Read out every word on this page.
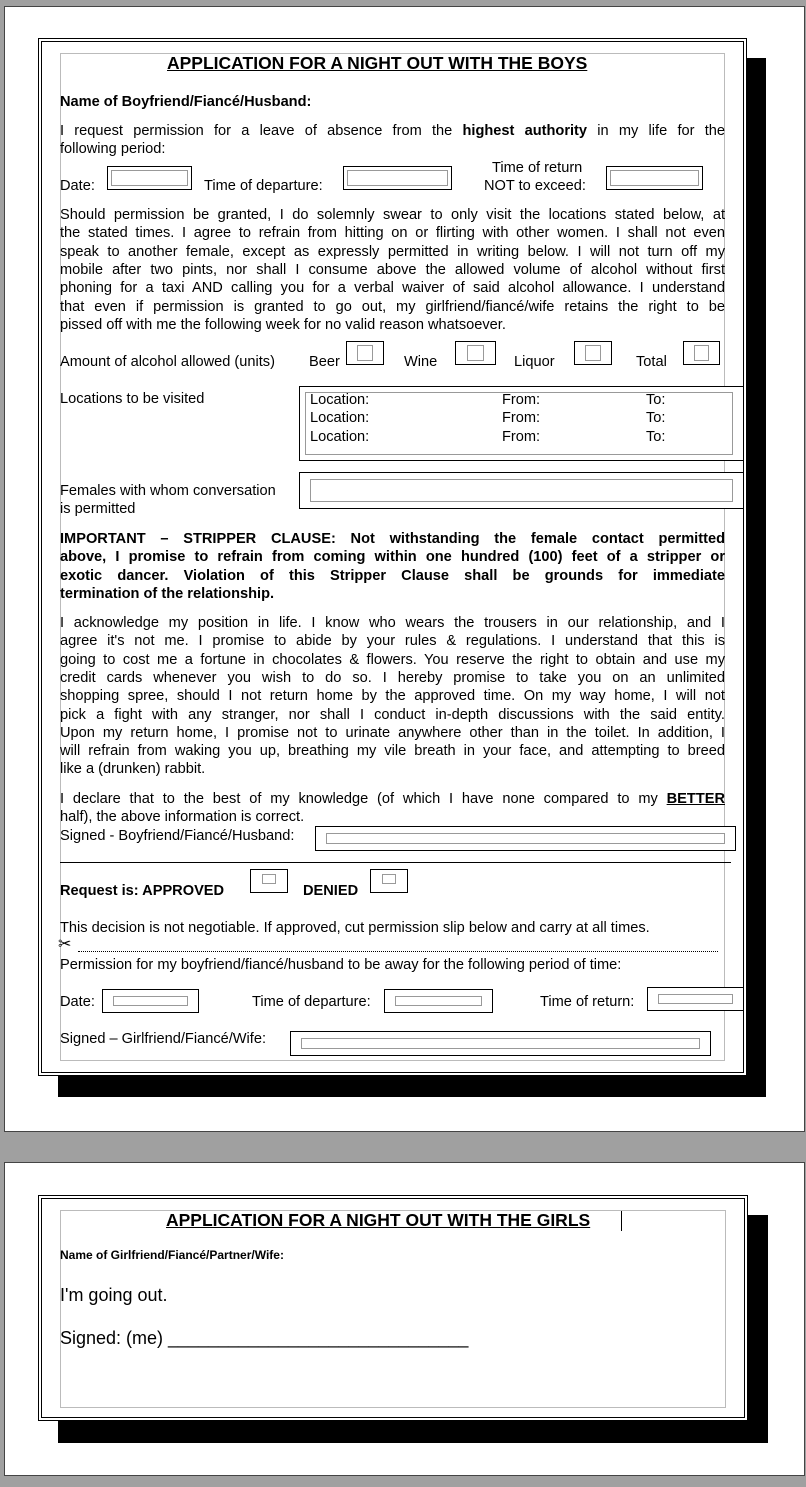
APPLICATION FOR A NIGHT OUT WITH THE BOYS
Name of Boyfriend/Fiancé/Husband:
I request permission for a leave of absence from the highest authority in my life for the
following period:
Date:	Time of departure:
Time of return
NOT to exceed:
Should permission be granted, I do solemnly swear to only visit the locations stated below, at
the stated times. I agree to refrain from hitting on or flirting with other women. I shall not even
speak to another female, except as expressly permitted in writing below. I will not turn off my
mobile after two pints, nor shall I consume above the allowed volume of alcohol without first
phoning for a taxi AND calling you for a verbal waiver of said alcohol allowance. I understand
that even if permission is granted to go out, my girlfriend/fiancé/wife retains the right to be
pissed off with me the following week for no valid reason whatsoever.
Amount of alcohol allowed (units) Beer	Wine	Liquor	Total
Locations to be visited	Location:	From:	To:
Location:	From:	To:
Location:	From:	To:
Females with whom conversation
is permitted
IMPORTANT – STRIPPER CLAUSE: Not withstanding the female contact permitted
above, I promise to refrain from coming within one hundred (100) feet of a stripper or
exotic dancer. Violation of this Stripper Clause shall be grounds for immediate
termination of the relationship.
I acknowledge my position in life. I know who wears the trousers in our relationship, and I
agree it's not me. I promise to abide by your rules & regulations. I understand that this is
going to cost me a fortune in chocolates & flowers. You reserve the right to obtain and use my
credit cards whenever you wish to do so. I hereby promise to take you on an unlimited
shopping spree, should I not return home by the approved time. On my way home, I will not
pick a fight with any stranger, nor shall I conduct in-depth discussions with the said entity.
Upon my return home, I promise not to urinate anywhere other than in the toilet. In addition, I
will refrain from waking you up, breathing my vile breath in your face, and attempting to breed
like a (drunken) rabbit.
I declare that to the best of my knowledge (of which I have none compared to my BETTER
half), the above information is correct.
Signed - Boyfriend/Fiancé/Husband:
Request is: APPROVED	DENIED
This decision is not negotiable. If approved, cut permission slip below and carry at all times.
✂
Permission for my boyfriend/fiancé/husband to be away for the following period of time:
Date:	Time of departure:	Time of return:
Signed – Girlfriend/Fiancé/Wife:
APPLICATION FOR A NIGHT OUT WITH THE GIRLS
Name of Girlfriend/Fiancé/Partner/Wife:
I'm going out.
Signed: (me) ______________________________
